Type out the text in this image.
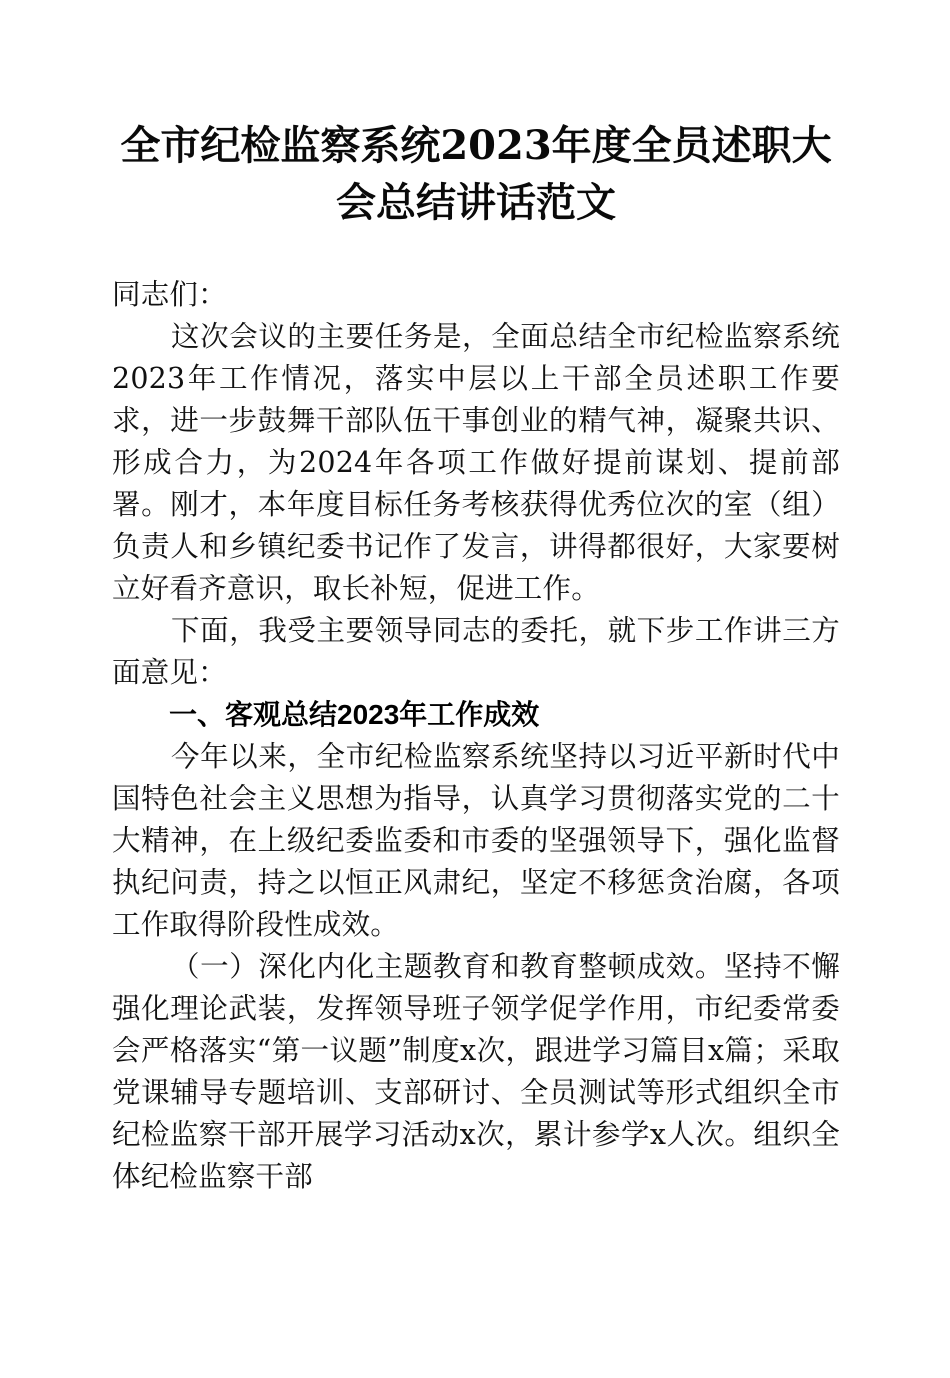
全市纪检监察系统2023年度全员述职大会总结讲话范文

同志们：

这次会议的主要任务是，全面总结全市纪检监察系统2023年工作情况，落实中层以上干部全员述职工作要求，进一步鼓舞干部队伍干事创业的精气神，凝聚共识、形成合力，为2024年各项工作做好提前谋划、提前部署。刚才，本年度目标任务考核获得优秀位次的室（组）负责人和乡镇纪委书记作了发言，讲得都很好，大家要树立好看齐意识，取长补短，促进工作。

下面，我受主要领导同志的委托，就下步工作讲三方面意见：

一、客观总结2023年工作成效

今年以来，全市纪检监察系统坚持以习近平新时代中国特色社会主义思想为指导，认真学习贯彻落实党的二十大精神，在上级纪委监委和市委的坚强领导下，强化监督执纪问责，持之以恒正风肃纪，坚定不移惩贪治腐，各项工作取得阶段性成效。

（一）深化内化主题教育和教育整顿成效。坚持不懈强化理论武装，发挥领导班子领学促学作用，市纪委常委会严格落实“第一议题”制度x次，跟进学习篇目x篇；采取党课辅导专题培训、支部研讨、全员测试等形式组织全市纪检监察干部开展学习活动x次，累计参学x人次。组织全体纪检监察干部
